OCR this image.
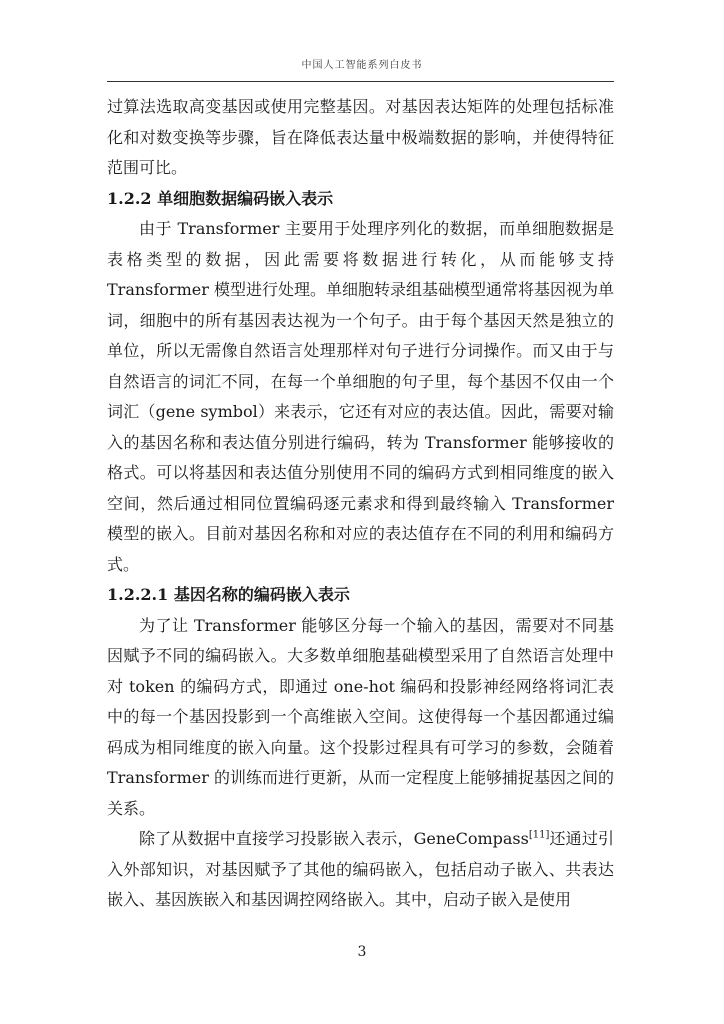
中国人工智能系列白皮书

过算法选取高变基因或使用完整基因。对基因表达矩阵的处理包括标准化和对数变换等步骤，旨在降低表达量中极端数据的影响，并使得特征范围可比。

1.2.2 单细胞数据编码嵌入表示

由于 Transformer 主要用于处理序列化的数据，而单细胞数据是表格类型的数据，因此需要将数据进行转化，从而能够支持 Transformer 模型进行处理。单细胞转录组基础模型通常将基因视为单词，细胞中的所有基因表达视为一个句子。由于每个基因天然是独立的单位，所以无需像自然语言处理那样对句子进行分词操作。而又由于与自然语言的词汇不同，在每一个单细胞的句子里，每个基因不仅由一个词汇（gene symbol）来表示，它还有对应的表达值。因此，需要对输入的基因名称和表达值分别进行编码，转为 Transformer 能够接收的格式。可以将基因和表达值分别使用不同的编码方式到相同维度的嵌入空间，然后通过相同位置编码逐元素求和得到最终输入 Transformer 模型的嵌入。目前对基因名称和对应的表达值存在不同的利用和编码方式。

1.2.2.1 基因名称的编码嵌入表示

为了让 Transformer 能够区分每一个输入的基因，需要对不同基因赋予不同的编码嵌入。大多数单细胞基础模型采用了自然语言处理中对 token 的编码方式，即通过 one-hot 编码和投影神经网络将词汇表中的每一个基因投影到一个高维嵌入空间。这使得每一个基因都通过编码成为相同维度的嵌入向量。这个投影过程具有可学习的参数，会随着 Transformer 的训练而进行更新，从而一定程度上能够捕捉基因之间的关系。

除了从数据中直接学习投影嵌入表示，GeneCompass[11]还通过引入外部知识，对基因赋予了其他的编码嵌入，包括启动子嵌入、共表达嵌入、基因族嵌入和基因调控网络嵌入。其中，启动子嵌入是使用

3
